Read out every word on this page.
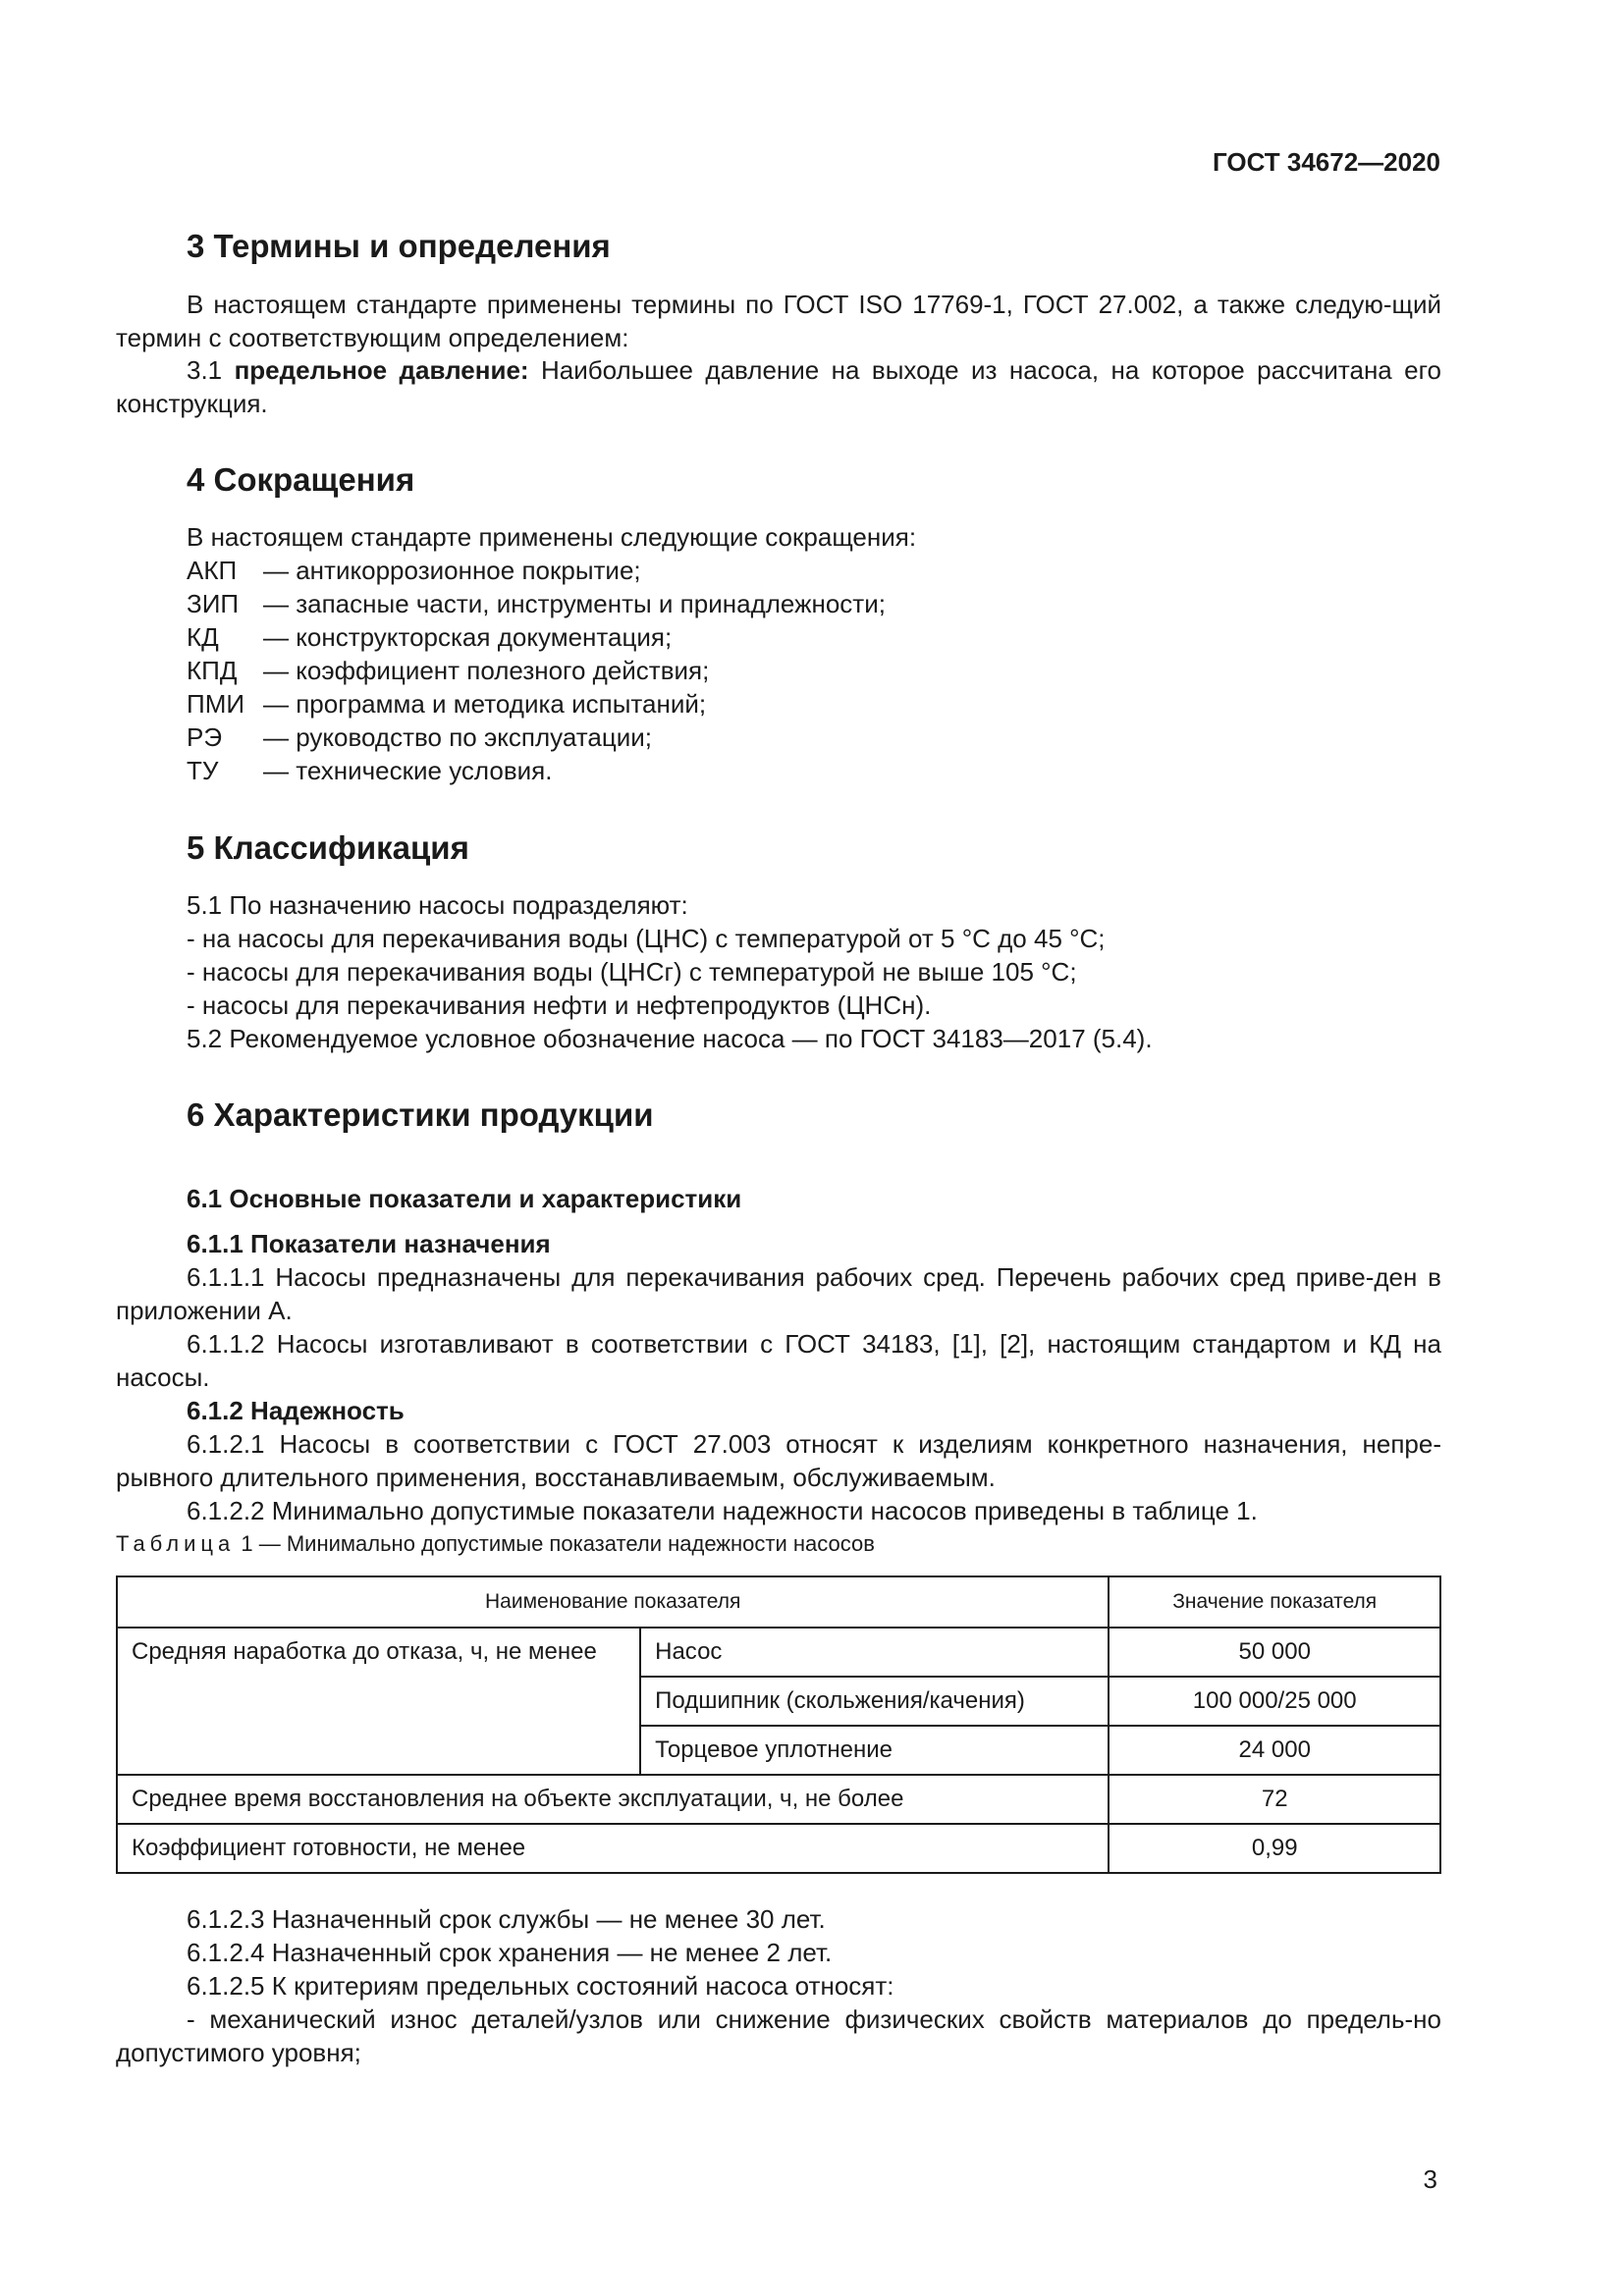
ГОСТ 34672—2020
3 Термины и определения
В настоящем стандарте применены термины по ГОСТ ISO 17769-1, ГОСТ 27.002, а также следую-щий термин с соответствующим определением:
3.1 предельное давление: Наибольшее давление на выходе из насоса, на которое рассчитана его конструкция.
4 Сокращения
В настоящем стандарте применены следующие сокращения:
АКП — антикоррозионное покрытие;
ЗИП — запасные части, инструменты и принадлежности;
КД — конструкторская документация;
КПД — коэффициент полезного действия;
ПМИ — программа и методика испытаний;
РЭ — руководство по эксплуатации;
ТУ — технические условия.
5 Классификация
5.1 По назначению насосы подразделяют:
- на насосы для перекачивания воды (ЦНС) с температурой от 5 °С до 45 °С;
- насосы для перекачивания воды (ЦНСг) с температурой не выше 105 °С;
- насосы для перекачивания нефти и нефтепродуктов (ЦНСн).
5.2 Рекомендуемое условное обозначение насоса — по ГОСТ 34183—2017 (5.4).
6 Характеристики продукции
6.1 Основные показатели и характеристики
6.1.1 Показатели назначения
6.1.1.1 Насосы предназначены для перекачивания рабочих сред. Перечень рабочих сред приве-ден в приложении А.
6.1.1.2 Насосы изготавливают в соответствии с ГОСТ 34183, [1], [2], настоящим стандартом и КД на насосы.
6.1.2 Надежность
6.1.2.1 Насосы в соответствии с ГОСТ 27.003 относят к изделиям конкретного назначения, непре-рывного длительного применения, восстанавливаемым, обслуживаемым.
6.1.2.2 Минимально допустимые показатели надежности насосов приведены в таблице 1.
Таблица 1 — Минимально допустимые показатели надежности насосов
Наименование показателя		Значение показателя
Средняя наработка до отказа, ч, не менее	Насос	50 000
	Подшипник (скольжения/качения)	100 000/25 000
	Торцевое уплотнение	24 000
Среднее время восстановления на объекте эксплуатации, ч, не более		72
Коэффициент готовности, не менее		0,99
6.1.2.3 Назначенный срок службы — не менее 30 лет.
6.1.2.4 Назначенный срок хранения — не менее 2 лет.
6.1.2.5 К критериям предельных состояний насоса относят:
- механический износ деталей/узлов или снижение физических свойств материалов до предель-но допустимого уровня;
3
